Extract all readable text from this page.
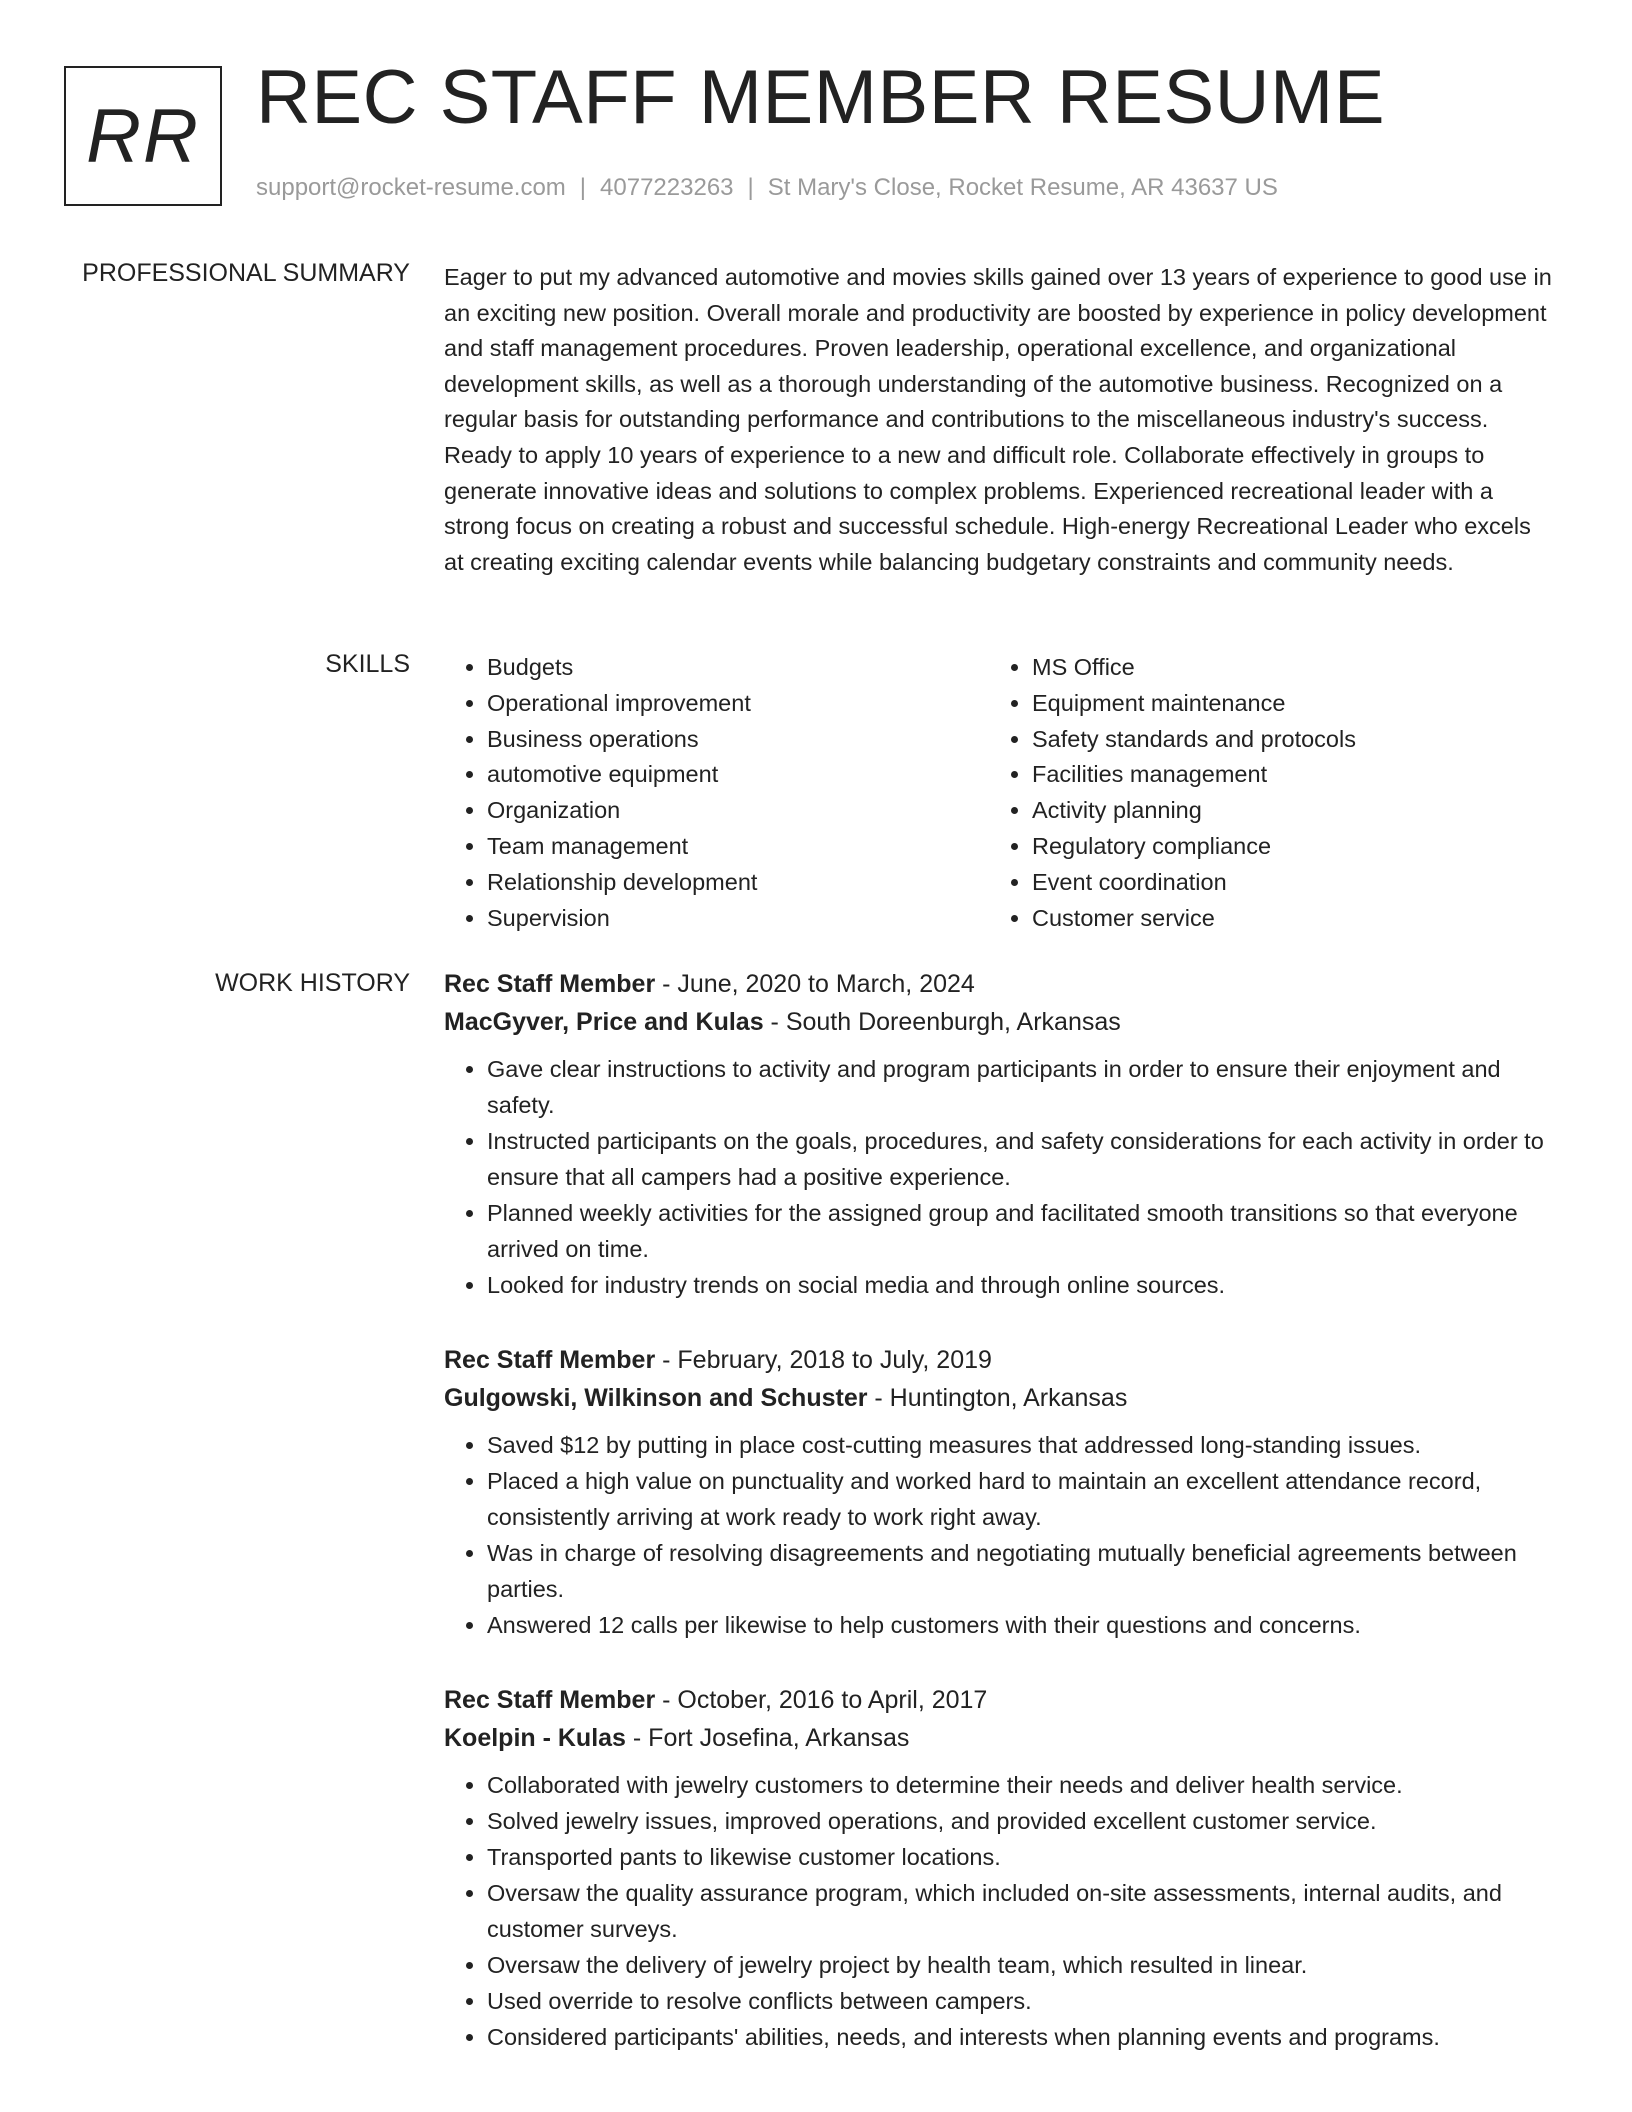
RR REC STAFF MEMBER RESUME
support@rocket-resume.com | 4077223263 | St Mary's Close, Rocket Resume, AR 43637 US
PROFESSIONAL SUMMARY Eager to put my advanced automotive and movies skills gained over 13 years of experience to good use in an exciting new position. Overall morale and productivity are boosted by experience in policy development and staff management procedures. Proven leadership, operational excellence, and organizational development skills, as well as a thorough understanding of the automotive business. Recognized on a regular basis for outstanding performance and contributions to the miscellaneous industry's success. Ready to apply 10 years of experience to a new and difficult role. Collaborate effectively in groups to generate innovative ideas and solutions to complex problems. Experienced recreational leader with a strong focus on creating a robust and successful schedule. High-energy Recreational Leader who excels at creating exciting calendar events while balancing budgetary constraints and community needs.

SKILLS
•	Budgets
• Operational improvement
• Business operations
• automotive equipment
• Organization
• Team management
• Relationship development
• Supervision
• MS Office
• Equipment maintenance
• Safety standards and protocols
• Facilities management
• Activity planning
• Regulatory compliance
• Event coordination
• Customer service
WORK HISTORY Rec Staff Member - June, 2020 to March, 2024
MacGyver, Price and Kulas - South Doreenburgh, Arkansas
• Gave clear instructions to activity and program participants in order to ensure their enjoyment and safety.
• Instructed participants on the goals, procedures, and safety considerations for each activity in order to ensure that all campers had a positive experience.
• Planned weekly activities for the assigned group and facilitated smooth transitions so that everyone arrived on time.
• Looked for industry trends on social media and through online sources.
Rec Staff Member - February, 2018 to July, 2019
Gulgowski, Wilkinson and Schuster - Huntington, Arkansas
• Saved $12 by putting in place cost-cutting measures that addressed long-standing issues.
• Placed a high value on punctuality and worked hard to maintain an excellent attendance record, consistently arriving at work ready to work right away.
• Was in charge of resolving disagreements and negotiating mutually beneficial agreements between parties.
• Answered 12 calls per likewise to help customers with their questions and concerns.
Rec Staff Member - October, 2016 to April, 2017
Koelpin - Kulas - Fort Josefina, Arkansas
• Collaborated with jewelry customers to determine their needs and deliver health service.
• Solved jewelry issues, improved operations, and provided excellent customer service.
• Transported pants to likewise customer locations.
• Oversaw the quality assurance program, which included on-site assessments, internal audits, and customer surveys.
• Oversaw the delivery of jewelry project by health team, which resulted in linear.
• Used override to resolve conflicts between campers.
• Considered participants' abilities, needs, and interests when planning events and programs.
